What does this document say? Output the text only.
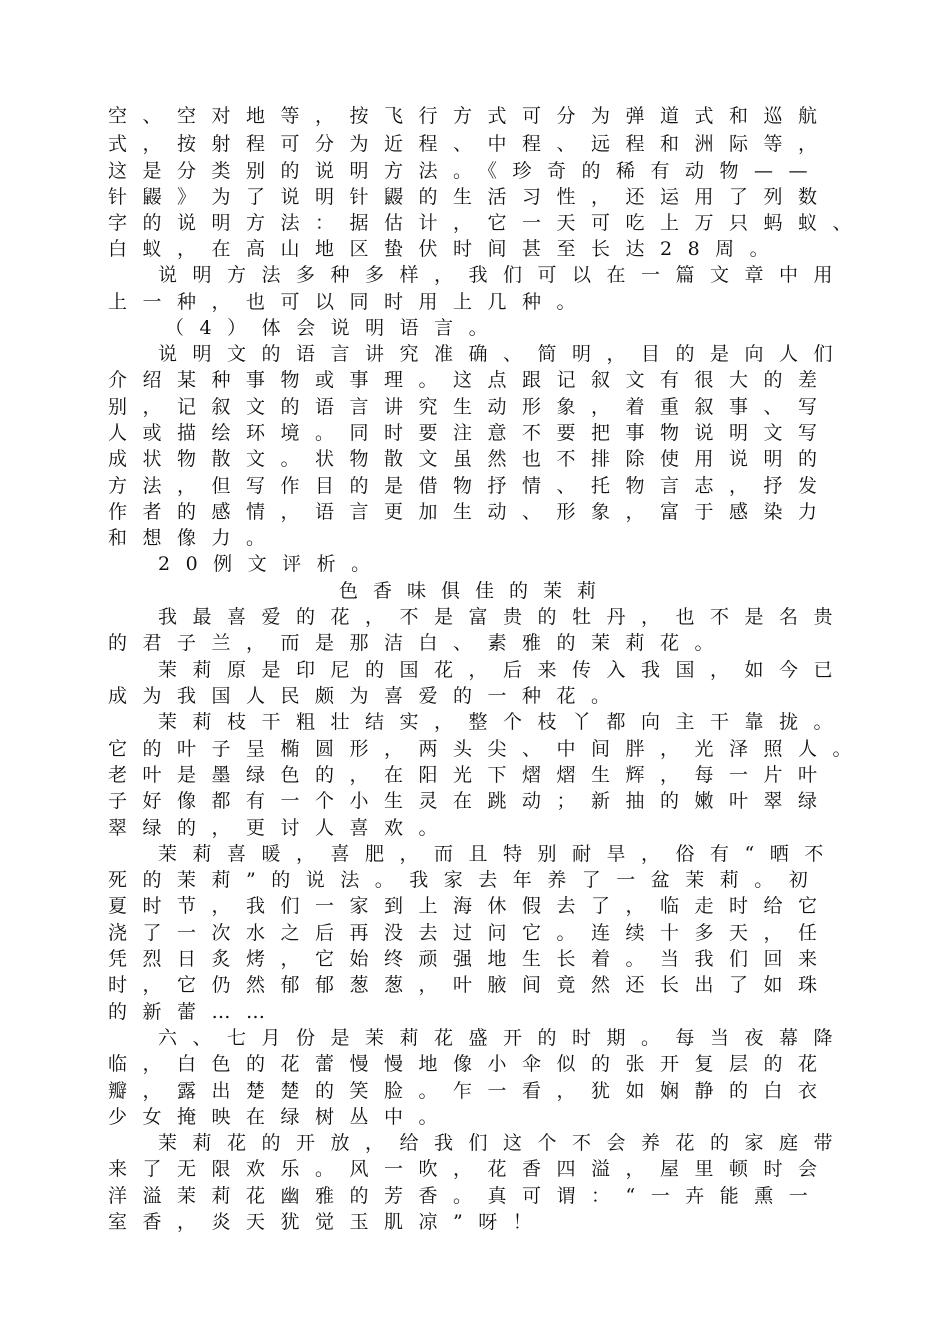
空、空对地等，按飞行方式可分为弹道式和巡航
式，按射程可分为近程、中程、远程和洲际等，
这是分类别的说明方法。《珍奇的稀有动物——
针鼹》为了说明针鼹的生活习性，还运用了列数
字的说明方法：据估计，它一天可吃上万只蚂蚁、
白蚁，在高山地区蛰伏时间甚至长达28周。
说明方法多种多样，我们可以在一篇文章中用
上一种，也可以同时用上几种。
（4）体会说明语言。
说明文的语言讲究准确、简明，目的是向人们
介绍某种事物或事理。这点跟记叙文有很大的差
别，记叙文的语言讲究生动形象，着重叙事、写
人或描绘环境。同时要注意不要把事物说明文写
成状物散文。状物散文虽然也不排除使用说明的
方法，但写作目的是借物抒情、托物言志，抒发
作者的感情，语言更加生动、形象，富于感染力
和想像力。
20例文评析。
色香味俱佳的茉莉
我最喜爱的花，不是富贵的牡丹，也不是名贵
的君子兰，而是那洁白、素雅的茉莉花。
茉莉原是印尼的国花，后来传入我国，如今已
成为我国人民颇为喜爱的一种花。
茉莉枝干粗壮结实，整个枝丫都向主干靠拢。
它的叶子呈椭圆形，两头尖、中间胖，光泽照人。
老叶是墨绿色的，在阳光下熠熠生辉，每一片叶
子好像都有一个小生灵在跳动；新抽的嫩叶翠绿
翠绿的，更讨人喜欢。
茉莉喜暖，喜肥，而且特别耐旱，俗有“晒不
死的茉莉”的说法。我家去年养了一盆茉莉。初
夏时节，我们一家到上海休假去了，临走时给它
浇了一次水之后再没去过问它。连续十多天，任
凭烈日炙烤，它始终顽强地生长着。当我们回来
时，它仍然郁郁葱葱，叶腋间竟然还长出了如珠
的新蕾……
六、七月份是茉莉花盛开的时期。每当夜幕降
临，白色的花蕾慢慢地像小伞似的张开复层的花
瓣，露出楚楚的笑脸。乍一看，犹如娴静的白衣
少女掩映在绿树丛中。
茉莉花的开放，给我们这个不会养花的家庭带
来了无限欢乐。风一吹，花香四溢，屋里顿时会
洋溢茉莉花幽雅的芳香。真可谓：“一卉能熏一
室香，炎天犹觉玉肌凉”呀！
